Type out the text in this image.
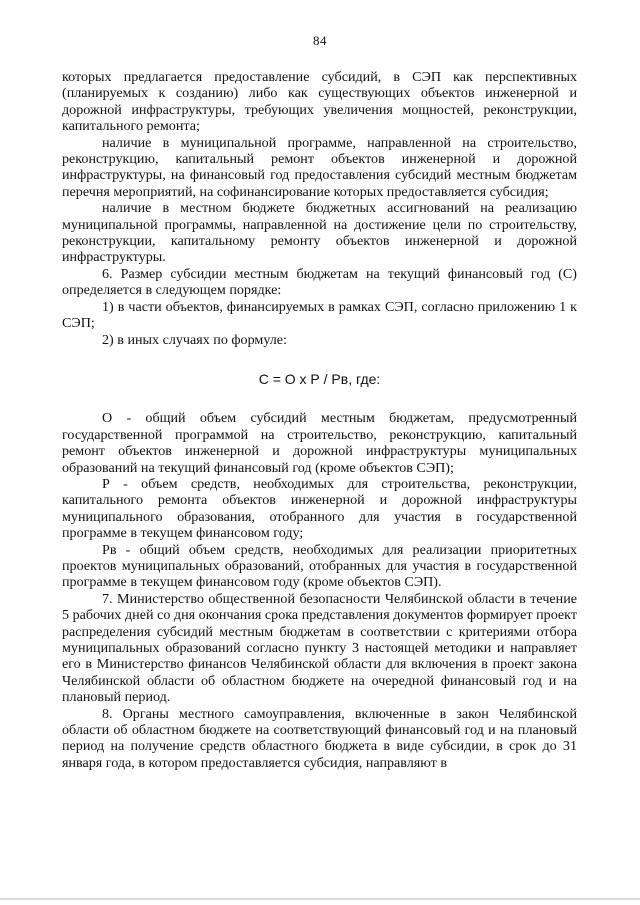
84

которых предлагается предоставление субсидий, в СЭП как перспективных (планируемых к созданию) либо как существующих объектов инженерной и дорожной инфраструктуры, требующих увеличения мощностей, реконструкции, капитального ремонта;

наличие в муниципальной программе, направленной на строительство, реконструкцию, капитальный ремонт объектов инженерной и дорожной инфраструктуры, на финансовый год предоставления субсидий местным бюджетам перечня мероприятий, на софинансирование которых предоставляется субсидия;

наличие в местном бюджете бюджетных ассигнований на реализацию муниципальной программы, направленной на достижение цели по строительству, реконструкции, капитальному ремонту объектов инженерной и дорожной инфраструктуры.

6. Размер субсидии местным бюджетам на текущий финансовый год (С) определяется в следующем порядке:

1) в части объектов, финансируемых в рамках СЭП, согласно приложению 1 к СЭП;

2) в иных случаях по формуле:

С = О х Р / Рв, где:

О - общий объем субсидий местным бюджетам, предусмотренный государственной программой на строительство, реконструкцию, капитальный ремонт объектов инженерной и дорожной инфраструктуры муниципальных образований на текущий финансовый год (кроме объектов СЭП);

Р - объем средств, необходимых для строительства, реконструкции, капитального ремонта объектов инженерной и дорожной инфраструктуры муниципального образования, отобранного для участия в государственной программе в текущем финансовом году;

Рв - общий объем средств, необходимых для реализации приоритетных проектов муниципальных образований, отобранных для участия в государственной программе в текущем финансовом году (кроме объектов СЭП).

7. Министерство общественной безопасности Челябинской области в течение 5 рабочих дней со дня окончания срока представления документов формирует проект распределения субсидий местным бюджетам в соответствии с критериями отбора муниципальных образований согласно пункту 3 настоящей методики и направляет его в Министерство финансов Челябинской области для включения в проект закона Челябинской области об областном бюджете на очередной финансовый год и на плановый период.

8. Органы местного самоуправления, включенные в закон Челябинской области об областном бюджете на соответствующий финансовый год и на плановый период на получение средств областного бюджета в виде субсидии, в срок до 31 января года, в котором предоставляется субсидия, направляют в
